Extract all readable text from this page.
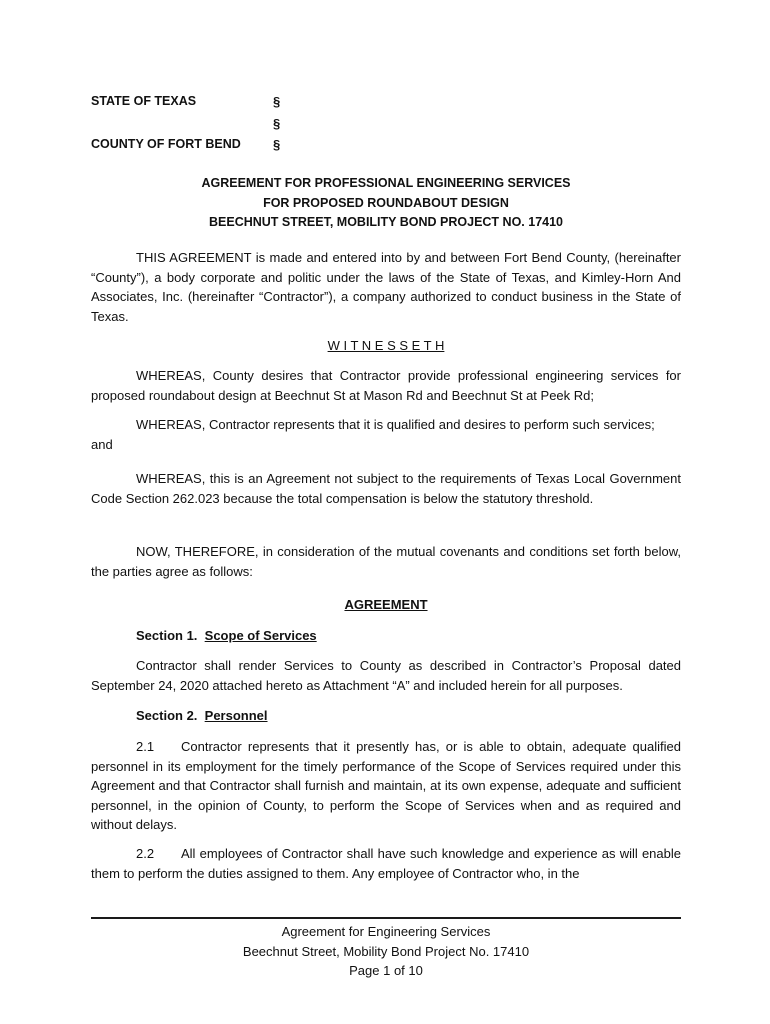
STATE OF TEXAS
COUNTY OF FORT BEND
§
§
§
AGREEMENT FOR PROFESSIONAL ENGINEERING SERVICES
FOR PROPOSED ROUNDABOUT DESIGN
BEECHNUT STREET, MOBILITY BOND PROJECT NO. 17410
THIS AGREEMENT is made and entered into by and between Fort Bend County, (hereinafter “County”), a body corporate and politic under the laws of the State of Texas, and Kimley-Horn And Associates, Inc. (hereinafter “Contractor”), a company authorized to conduct business in the State of Texas.
W I T N E S S E T H
WHEREAS, County desires that Contractor provide professional engineering services for proposed roundabout design at Beechnut St at Mason Rd and Beechnut St at Peek Rd;
WHEREAS, Contractor represents that it is qualified and desires to perform such services;
and
WHEREAS, this is an Agreement not subject to the requirements of Texas Local Government Code Section 262.023 because the total compensation is below the statutory threshold.
NOW, THEREFORE, in consideration of the mutual covenants and conditions set forth below, the parties agree as follows:
AGREEMENT
Section 1. Scope of Services
Contractor shall render Services to County as described in Contractor’s Proposal dated September 24, 2020 attached hereto as Attachment “A” and included herein for all purposes.
Section 2. Personnel
2.1 Contractor represents that it presently has, or is able to obtain, adequate qualified personnel in its employment for the timely performance of the Scope of Services required under this Agreement and that Contractor shall furnish and maintain, at its own expense, adequate and sufficient personnel, in the opinion of County, to perform the Scope of Services when and as required and without delays.
2.2 All employees of Contractor shall have such knowledge and experience as will enable them to perform the duties assigned to them. Any employee of Contractor who, in the
Agreement for Engineering Services
Beechnut Street, Mobility Bond Project No. 17410
Page 1 of 10
